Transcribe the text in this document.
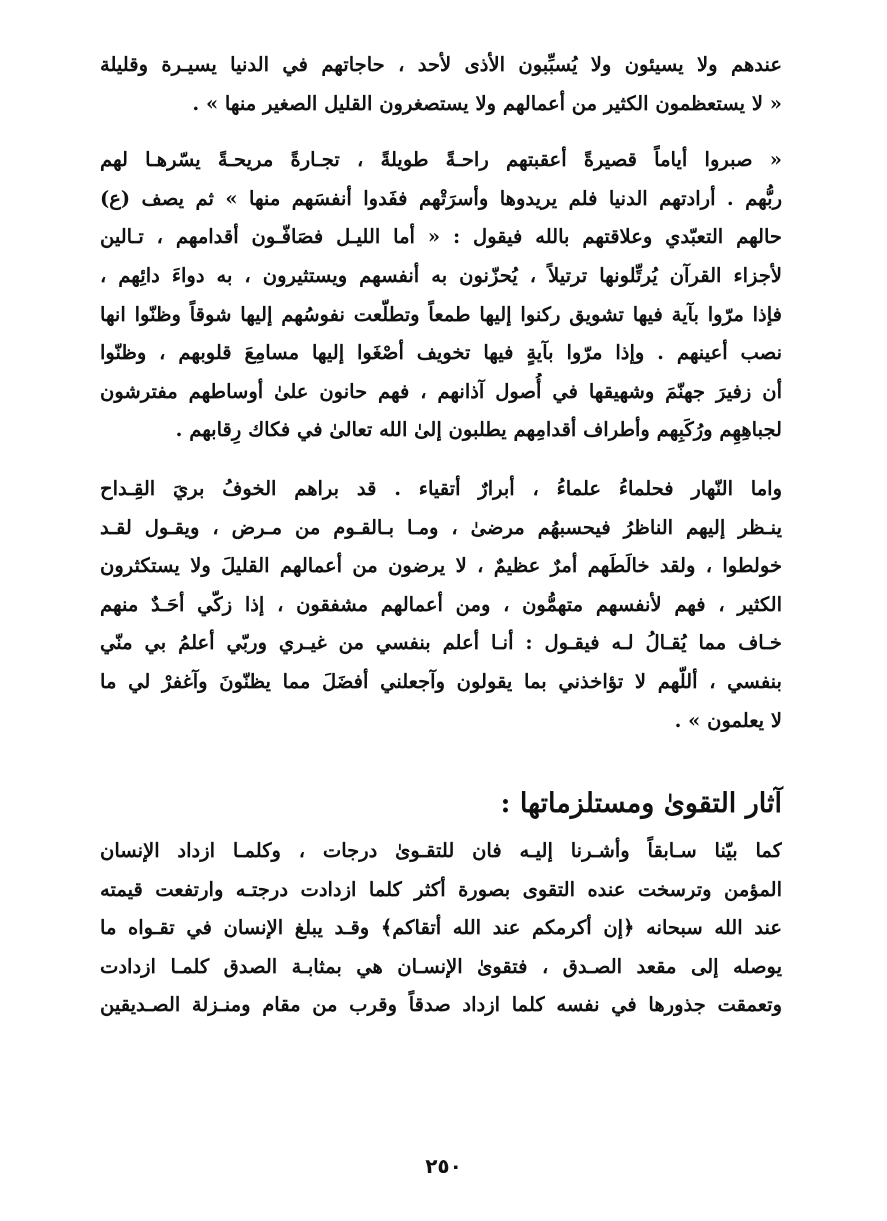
عندهم ولا يسيئون ولا يُسبِّبون الأذى لأحد ، حاجاتهم في الدنيا يسيـرة وقليلة
« لا يستعظمون الكثير من أعمالهم ولا يستصغرون القليل الصغير منها » .

« صبروا أياماً قصيرةً أعقبتهم راحـةً طويلةً ، تجـارةً مريحـةً يسّرهـا لهم
ربُّهم . أرادتهم الدنيا فلم يريدوها وأسرَتْهم ففَدوا أنفسَهم منها » ثم يصف (ع)
حالهم التعبّدي وعلاقتهم بالله فيقول : « أما الليـل فصَافّـون أقدامهم ، تـالين
لأجزاء القرآن يُرتِّلونها ترتيلاً ، يُحزّنون به أنفسهم ويستثيرون ، به دواءَ دائِهم ،
فإذا مرّوا بآية فيها تشويق ركنوا إليها طمعاً وتطلّعت نفوسُهم إليها شوقاً وظنّوا انها
نصب أعينهم . وإذا مرّوا بآيةٍ فيها تخويف أصْغَوا إليها مسامِعَ قلوبهم ، وظنّوا
أن زفيرَ جهنّمَ وشهيقها في أُصول آذانهم ، فهم حانون علىٰ أوساطهم مفترشون
لجباهِهِم ورُكَبِهم وأطراف أقدامِهم يطلبون إلىٰ الله تعالىٰ في فكاك رِقابهم .

واما النّهار فحلماءُ علماءُ ، أبرارٌ أتقياء . قد براهم الخوفُ بريَ القِـداح
ينـظر إليهم الناظرُ فيحسبهُم مرضىٰ ، ومـا بـالقـوم من مـرض ، ويقـول لقـد
خولطوا ، ولقد خالَطَهم أمرٌ عظيمٌ ، لا يرضون من أعمالهم القليلَ ولا يستكثرون
الكثير ، فهم لأنفسهم متهمُّون ، ومن أعمالهم مشفقون ، إذا زكّي أحَـدٌ منهم
خـاف مما يُقـالُ لـه فيقـول : أنـا أعلم بنفسي من غيـري وربّي أعلمُ بي منّي
بنفسي ، أللّهم لا تؤاخذني بما يقولون وآجعلني أفضَلَ مما يظنّونَ وآغفرْ لي ما
لا يعلمون » .

آثار التقوىٰ ومستلزماتها :

كما بيّنا سـابقاً وأشـرنا إليـه فان للتقـوىٰ درجات ، وكلمـا ازداد الإنسان
المؤمن وترسخت عنده التقوى بصورة أكثر كلما ازدادت درجتـه وارتفعت قيمته
عند الله سبحانه ﴿إن أكرمكم عند الله أتقاكم﴾ وقـد يبلغ الإنسان في تقـواه ما
يوصله إلى مقعد الصـدق ، فتقوىٰ الإنسـان هي بمثابـة الصدق كلمـا ازدادت
وتعمقت جذورها في نفسه كلما ازداد صدقاً وقرب من مقام ومنـزلة الصـديقين

٢٥٠
